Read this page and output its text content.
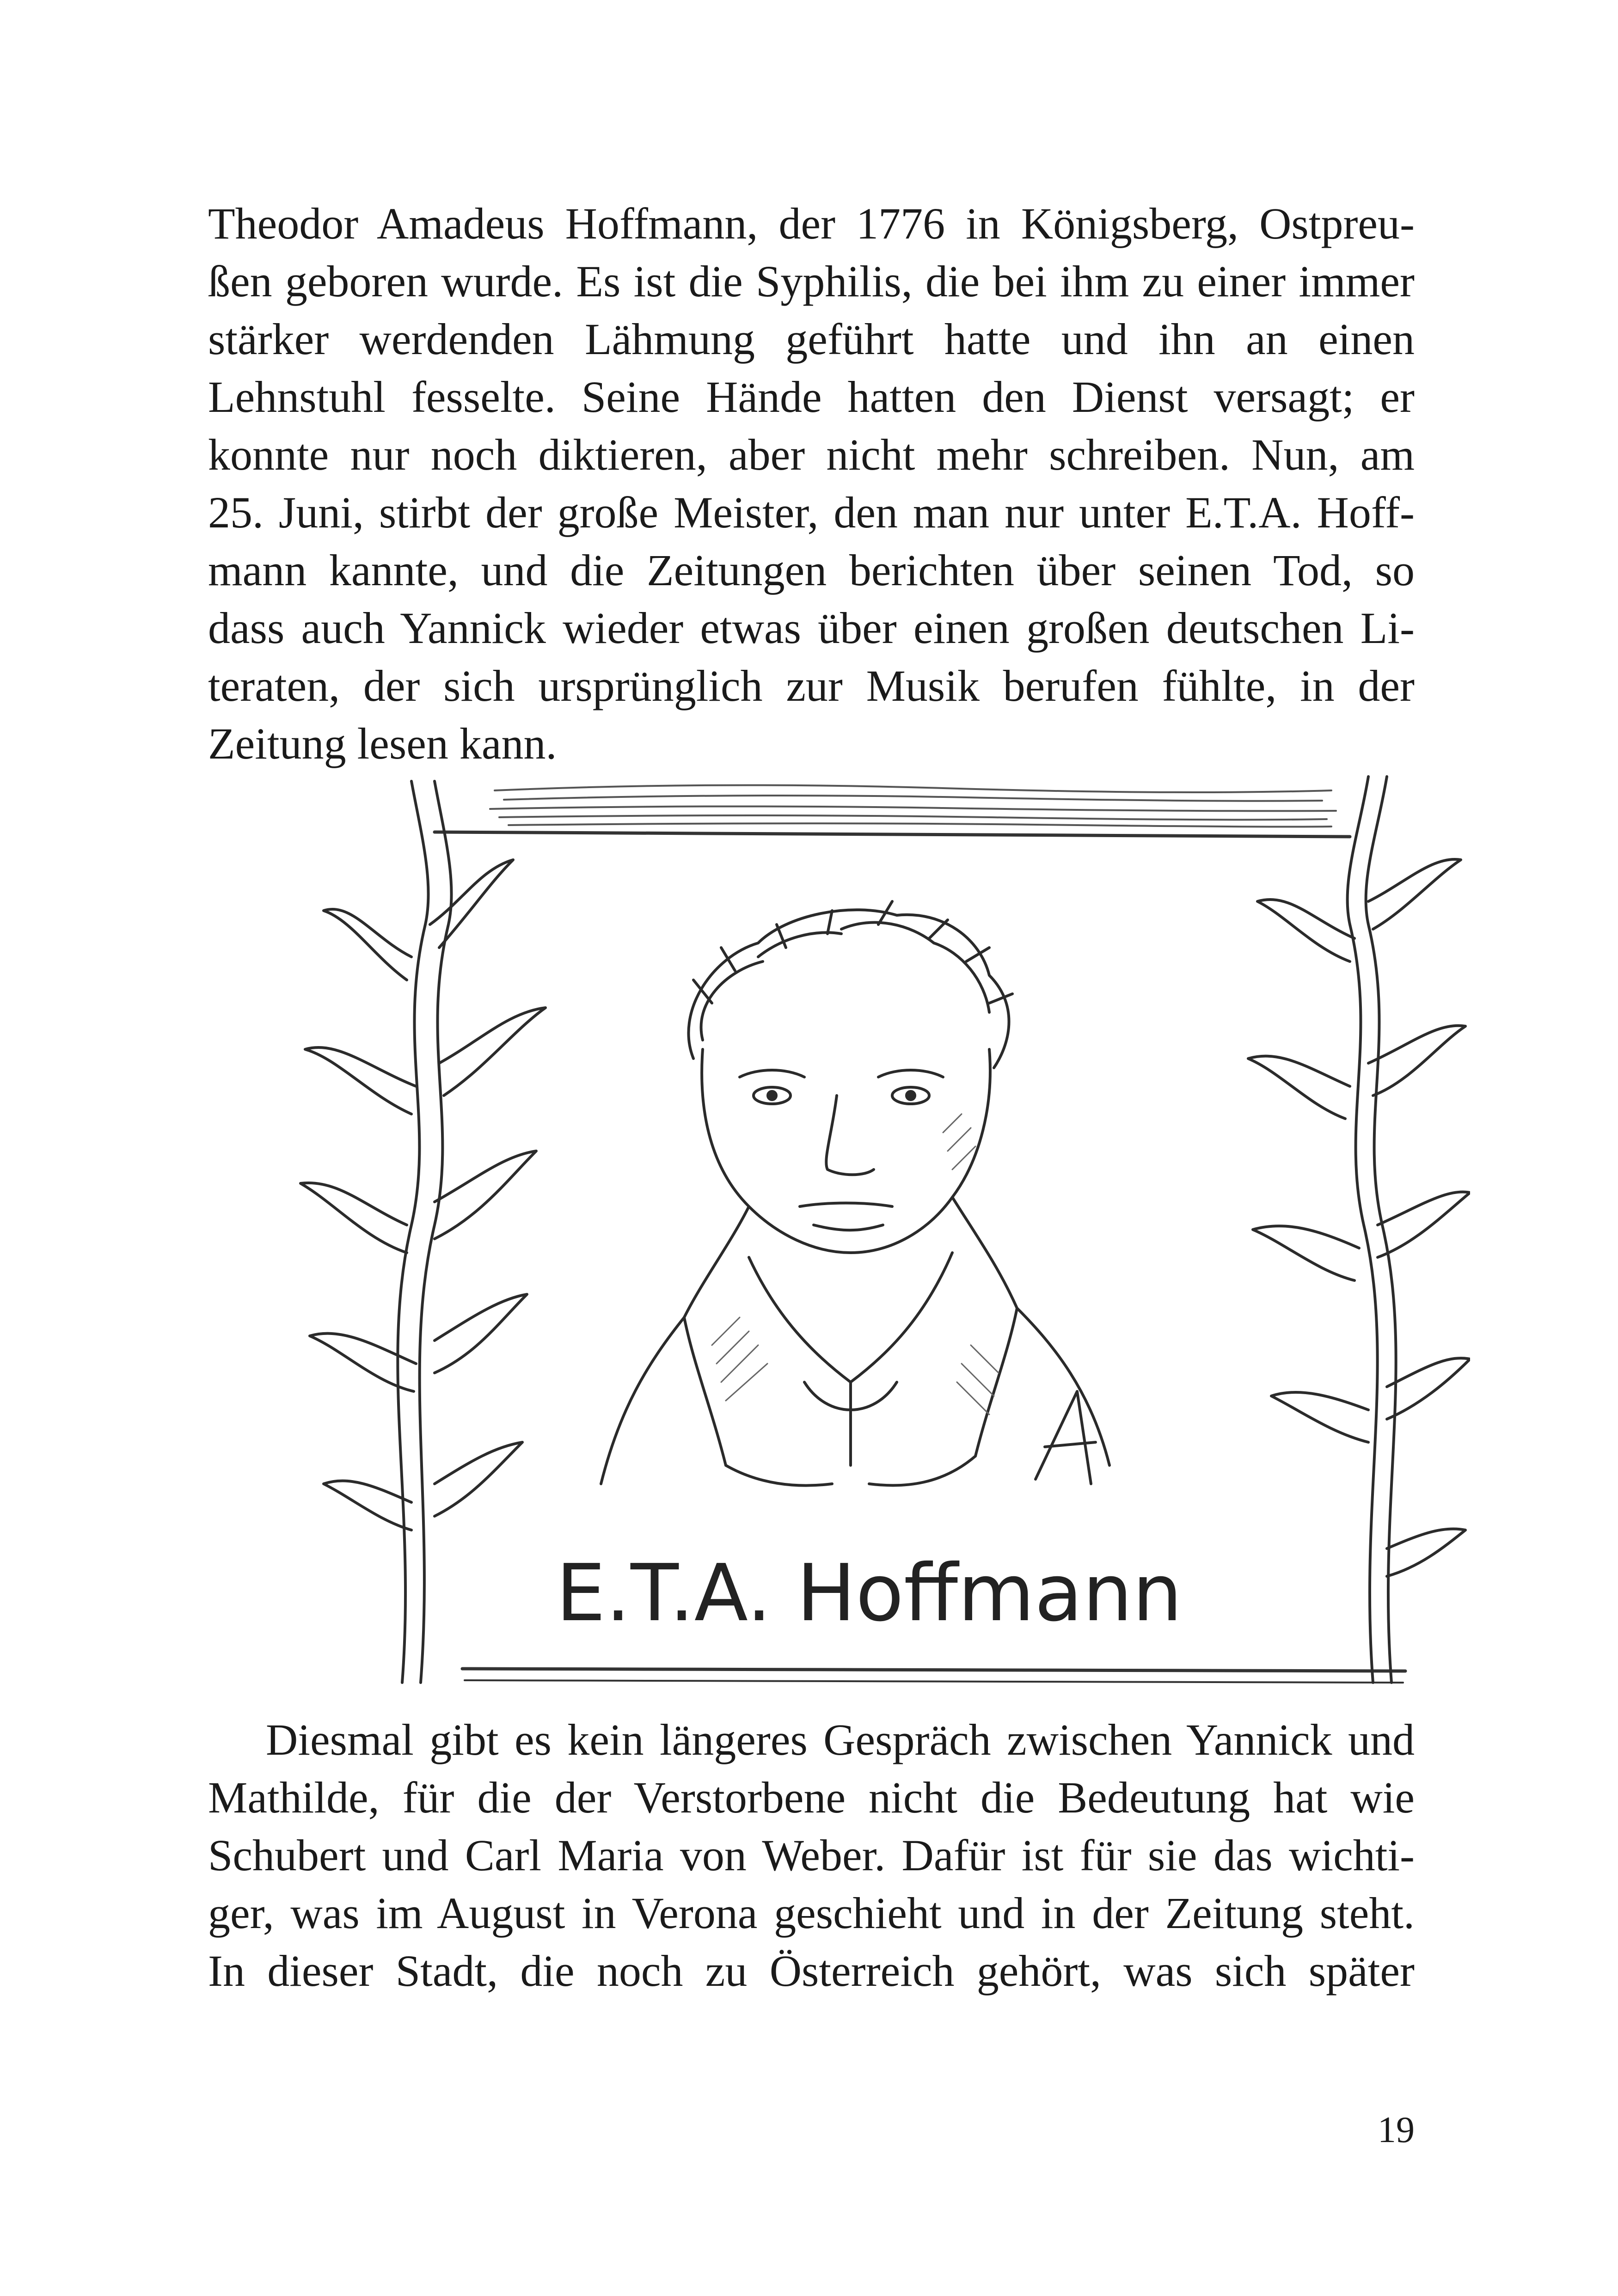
Theodor Amadeus Hoffmann, der 1776 in Königsberg, Ostpreu-
ßen geboren wurde. Es ist die Syphilis, die bei ihm zu einer immer
stärker werdenden Lähmung geführt hatte und ihn an einen
Lehnstuhl fesselte. Seine Hände hatten den Dienst versagt; er
konnte nur noch diktieren, aber nicht mehr schreiben. Nun, am
25. Juni, stirbt der große Meister, den man nur unter E.T.A. Hoff-
mann kannte, und die Zeitungen berichten über seinen Tod, so
dass auch Yannick wieder etwas über einen großen deutschen Li-
teraten, der sich ursprünglich zur Musik berufen fühlte, in der
Zeitung lesen kann.
E.T.A. Hoffmann
Diesmal gibt es kein längeres Gespräch zwischen Yannick und
Mathilde, für die der Verstorbene nicht die Bedeutung hat wie
Schubert und Carl Maria von Weber. Dafür ist für sie das wichti-
ger, was im August in Verona geschieht und in der Zeitung steht.
In dieser Stadt, die noch zu Österreich gehört, was sich später
19
